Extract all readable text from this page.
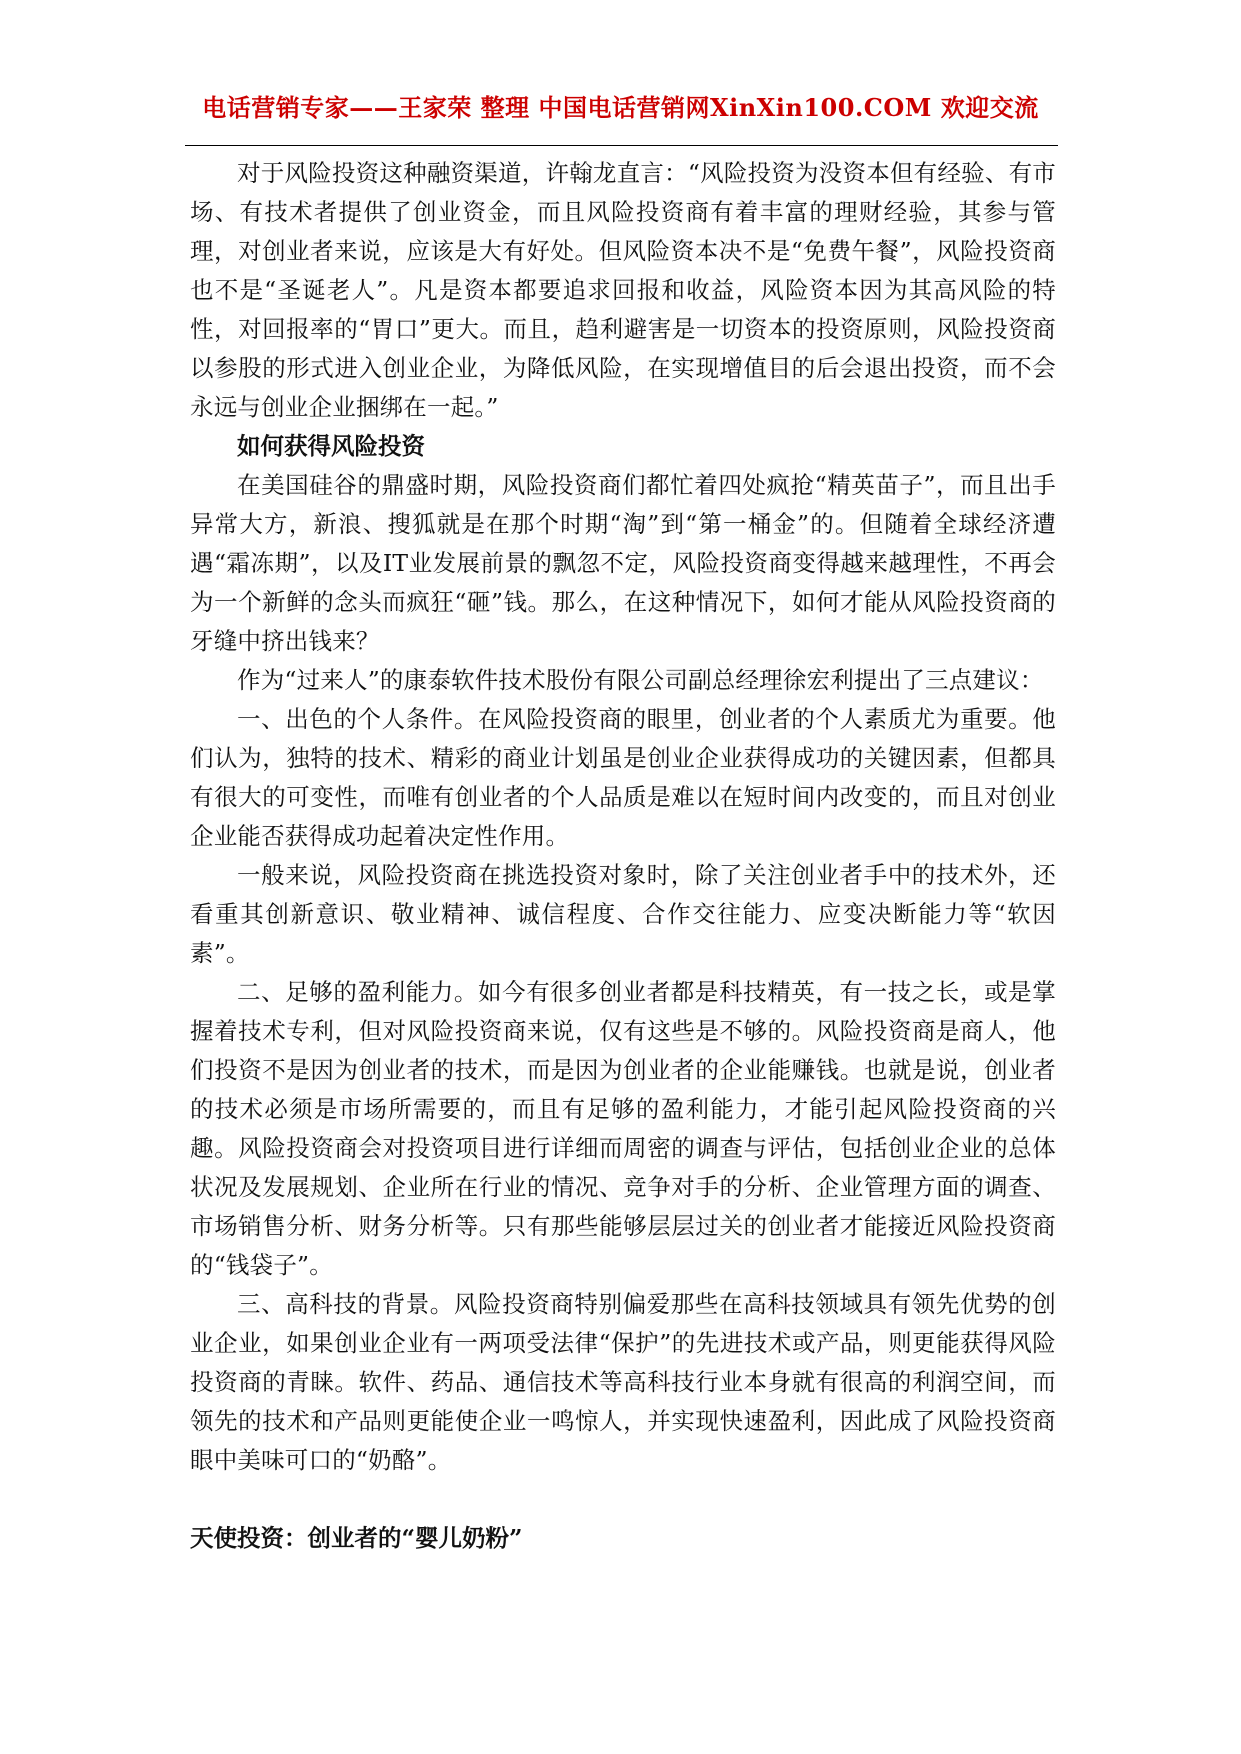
电话营销专家——王家荣 整理 中国电话营销网XinXin100.COM 欢迎交流

对于风险投资这种融资渠道，许翰龙直言：“风险投资为没资本但有经验、有市场、有技术者提供了创业资金，而且风险投资商有着丰富的理财经验，其参与管理，对创业者来说，应该是大有好处。但风险资本决不是“免费午餐”，风险投资商也不是“圣诞老人”。凡是资本都要追求回报和收益，风险资本因为其高风险的特性，对回报率的“胃口”更大。而且，趋利避害是一切资本的投资原则，风险投资商以参股的形式进入创业企业，为降低风险，在实现增值目的后会退出投资，而不会永远与创业企业捆绑在一起。”

如何获得风险投资

在美国硅谷的鼎盛时期，风险投资商们都忙着四处疯抢“精英苗子”，而且出手异常大方，新浪、搜狐就是在那个时期“淘”到“第一桶金”的。但随着全球经济遭遇“霜冻期”，以及IT业发展前景的飘忽不定，风险投资商变得越来越理性，不再会为一个新鲜的念头而疯狂“砸”钱。那么，在这种情况下，如何才能从风险投资商的牙缝中挤出钱来？

作为“过来人”的康泰软件技术股份有限公司副总经理徐宏利提出了三点建议：

一、出色的个人条件。在风险投资商的眼里，创业者的个人素质尤为重要。他们认为，独特的技术、精彩的商业计划虽是创业企业获得成功的关键因素，但都具有很大的可变性，而唯有创业者的个人品质是难以在短时间内改变的，而且对创业企业能否获得成功起着决定性作用。

一般来说，风险投资商在挑选投资对象时，除了关注创业者手中的技术外，还看重其创新意识、敬业精神、诚信程度、合作交往能力、应变决断能力等“软因素”。

二、足够的盈利能力。如今有很多创业者都是科技精英，有一技之长，或是掌握着技术专利，但对风险投资商来说，仅有这些是不够的。风险投资商是商人，他们投资不是因为创业者的技术，而是因为创业者的企业能赚钱。也就是说，创业者的技术必须是市场所需要的，而且有足够的盈利能力，才能引起风险投资商的兴趣。风险投资商会对投资项目进行详细而周密的调查与评估，包括创业企业的总体状况及发展规划、企业所在行业的情况、竞争对手的分析、企业管理方面的调查、市场销售分析、财务分析等。只有那些能够层层过关的创业者才能接近风险投资商的“钱袋子”。

三、高科技的背景。风险投资商特别偏爱那些在高科技领域具有领先优势的创业企业，如果创业企业有一两项受法律“保护”的先进技术或产品，则更能获得风险投资商的青睐。软件、药品、通信技术等高科技行业本身就有很高的利润空间，而领先的技术和产品则更能使企业一鸣惊人，并实现快速盈利，因此成了风险投资商眼中美味可口的“奶酪”。

天使投资：创业者的“婴儿奶粉”
